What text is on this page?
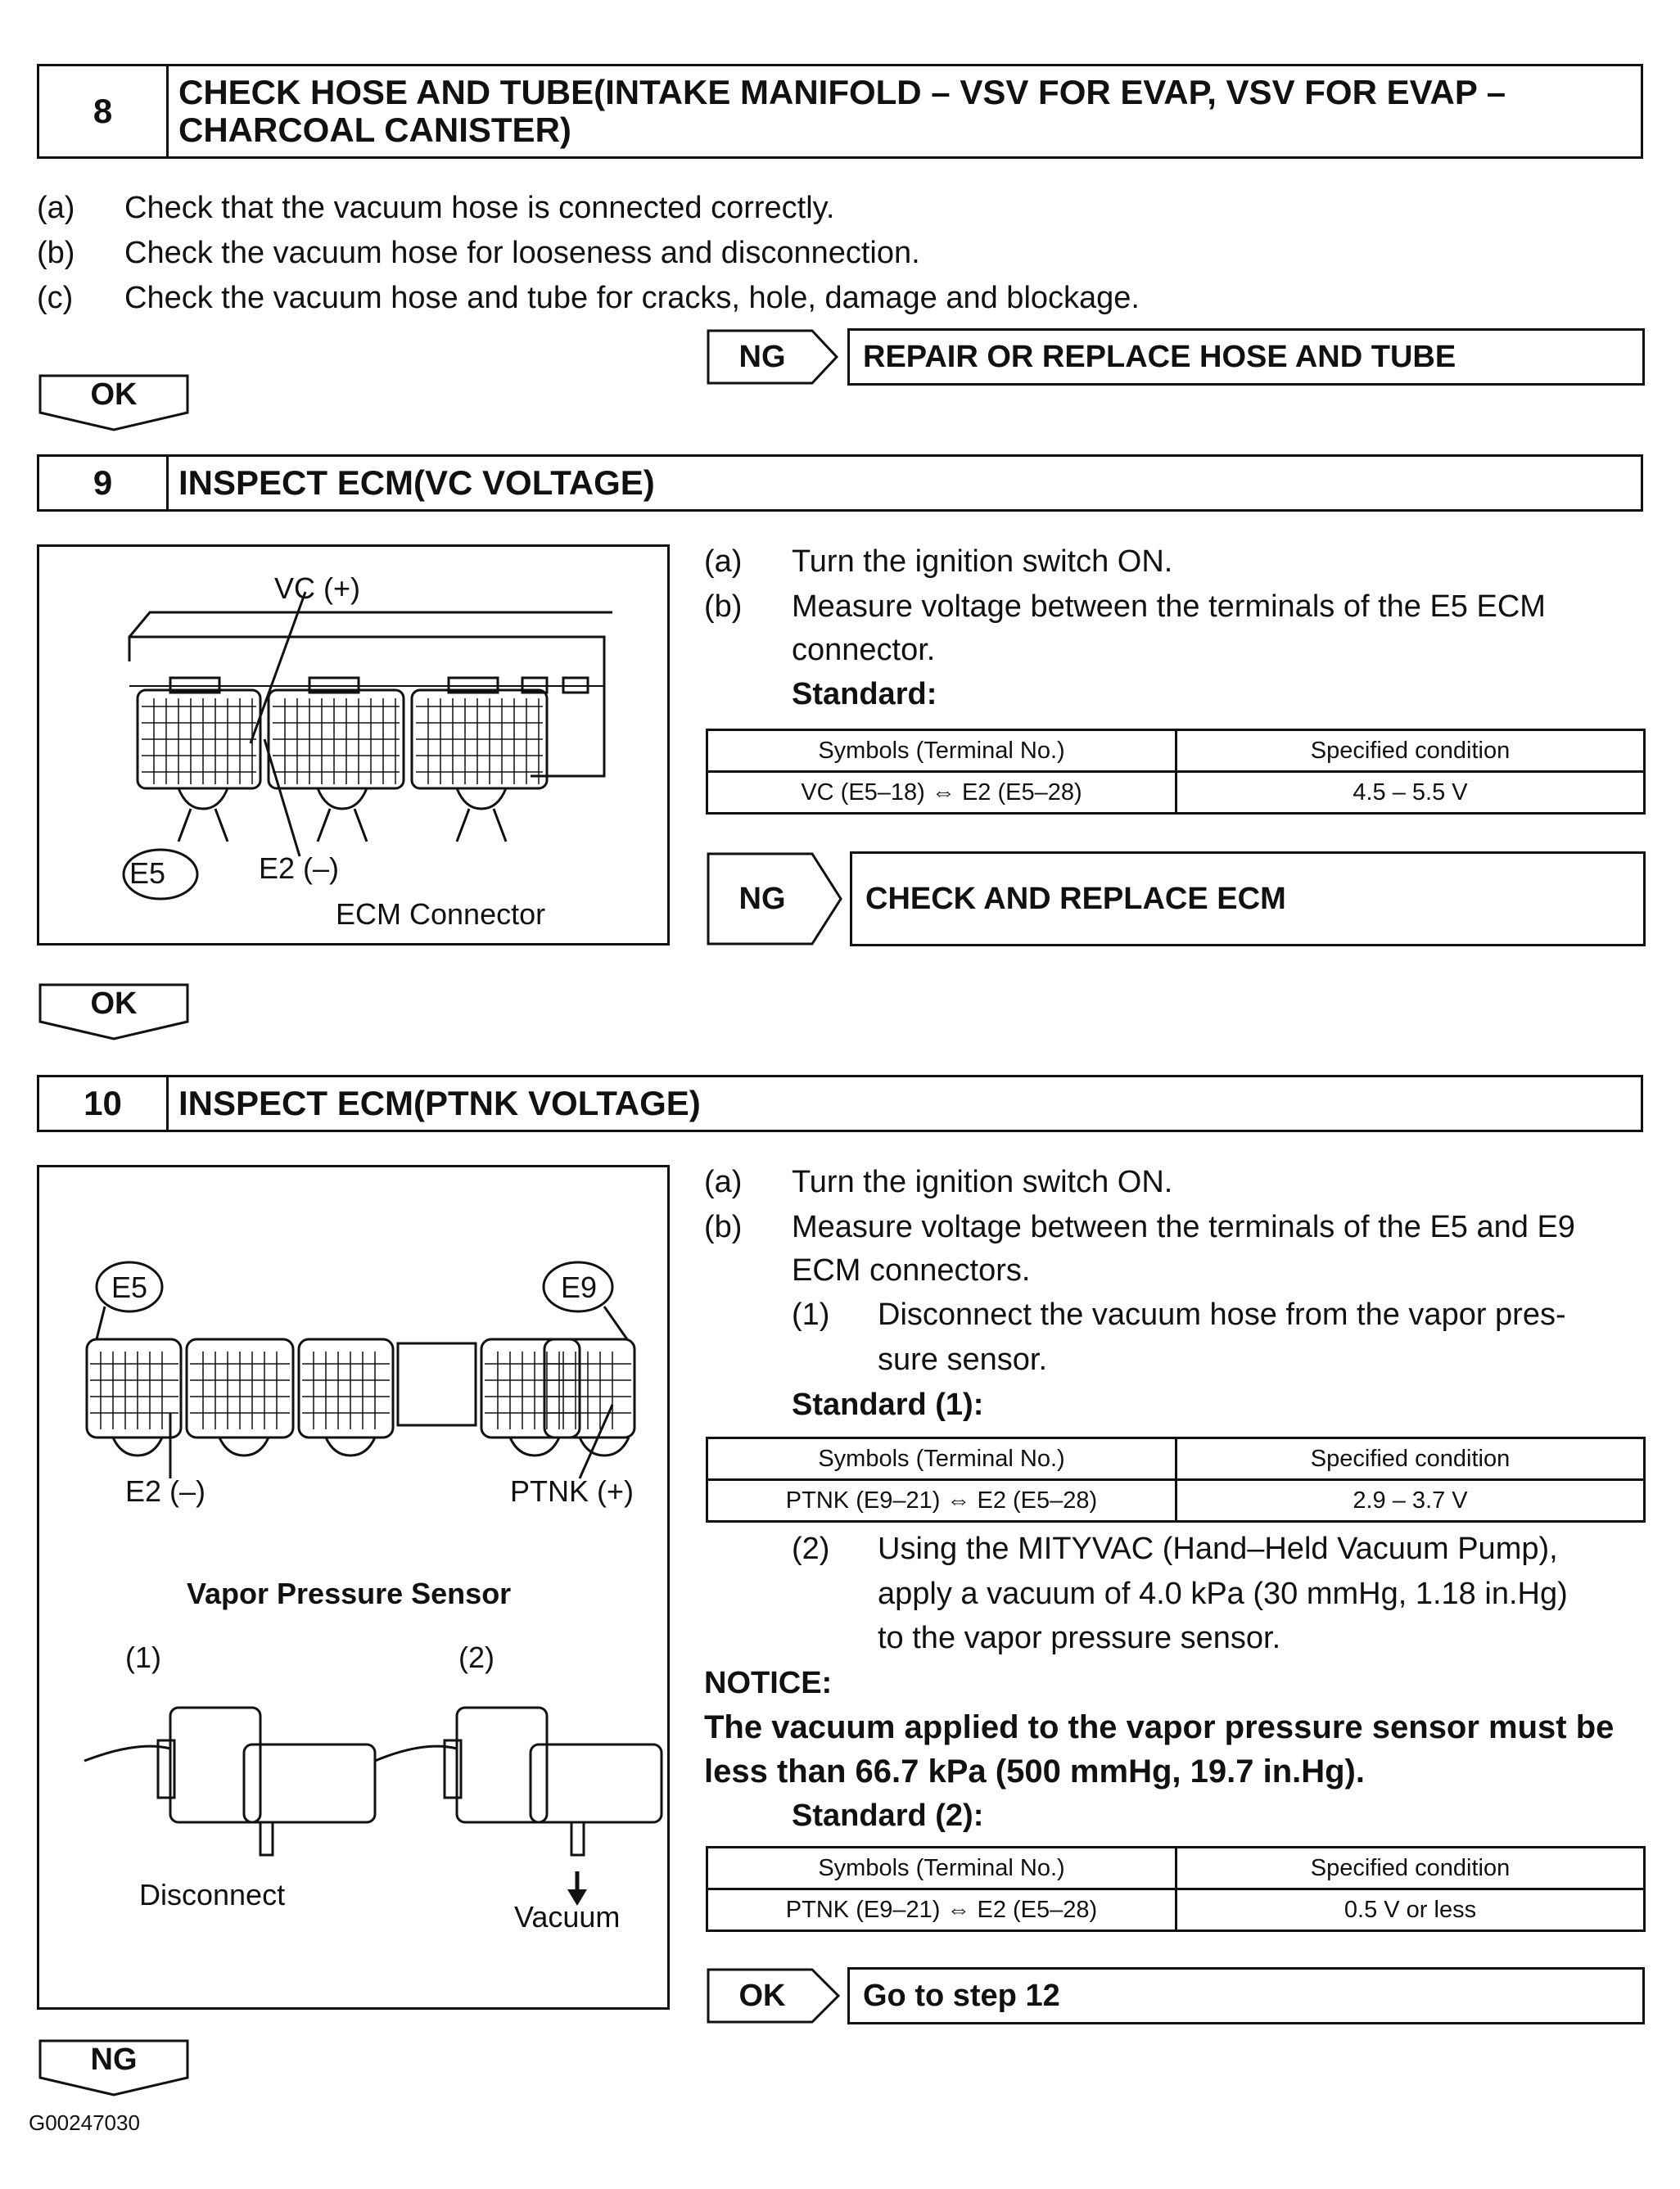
8	CHECK HOSE AND TUBE(INTAKE MANIFOLD – VSV FOR EVAP, VSV FOR EVAP –
CHARCOAL CANISTER)
(a) Check that the vacuum hose is connected correctly.
(b) Check the vacuum hose for looseness and disconnection.
(c) Check the vacuum hose and tube for cracks, hole, damage and blockage.
NG	REPAIR OR REPLACE HOSE AND TUBE
OK
9	INSPECT ECM(VC VOLTAGE)
VC (+)
E5	E2 (–)
ECM Connector
(a) Turn the ignition switch ON.
(b) Measure voltage between the terminals of the E5 ECM
connector.
Standard:
Symbols (Terminal No.)	Specified condition
VC (E5–18) ⇔ E2 (E5–28)	4.5 – 5.5 V
NG	CHECK AND REPLACE ECM
OK
10	INSPECT ECM(PTNK VOLTAGE)
E5	E9
E2 (–)	PTNK (+)
Vapor Pressure Sensor
(1)	(2)
Disconnect
Vacuum
(a) Turn the ignition switch ON.
(b) Measure voltage between the terminals of the E5 and E9
ECM connectors.
(1) Disconnect the vacuum hose from the vapor pres-
sure sensor.
Standard (1):
Symbols (Terminal No.)	Specified condition
PTNK (E9–21) ⇔ E2 (E5–28)	2.9 – 3.7 V
(2) Using the MITYVAC (Hand–Held Vacuum Pump),
apply a vacuum of 4.0 kPa (30 mmHg, 1.18 in.Hg)
to the vapor pressure sensor.
NOTICE:
The vacuum applied to the vapor pressure sensor must be
less than 66.7 kPa (500 mmHg, 19.7 in.Hg).
Standard (2):
Symbols (Terminal No.)	Specified condition
PTNK (E9–21) ⇔ E2 (E5–28)	0.5 V or less
OK	Go to step 12
NG
G00247030
